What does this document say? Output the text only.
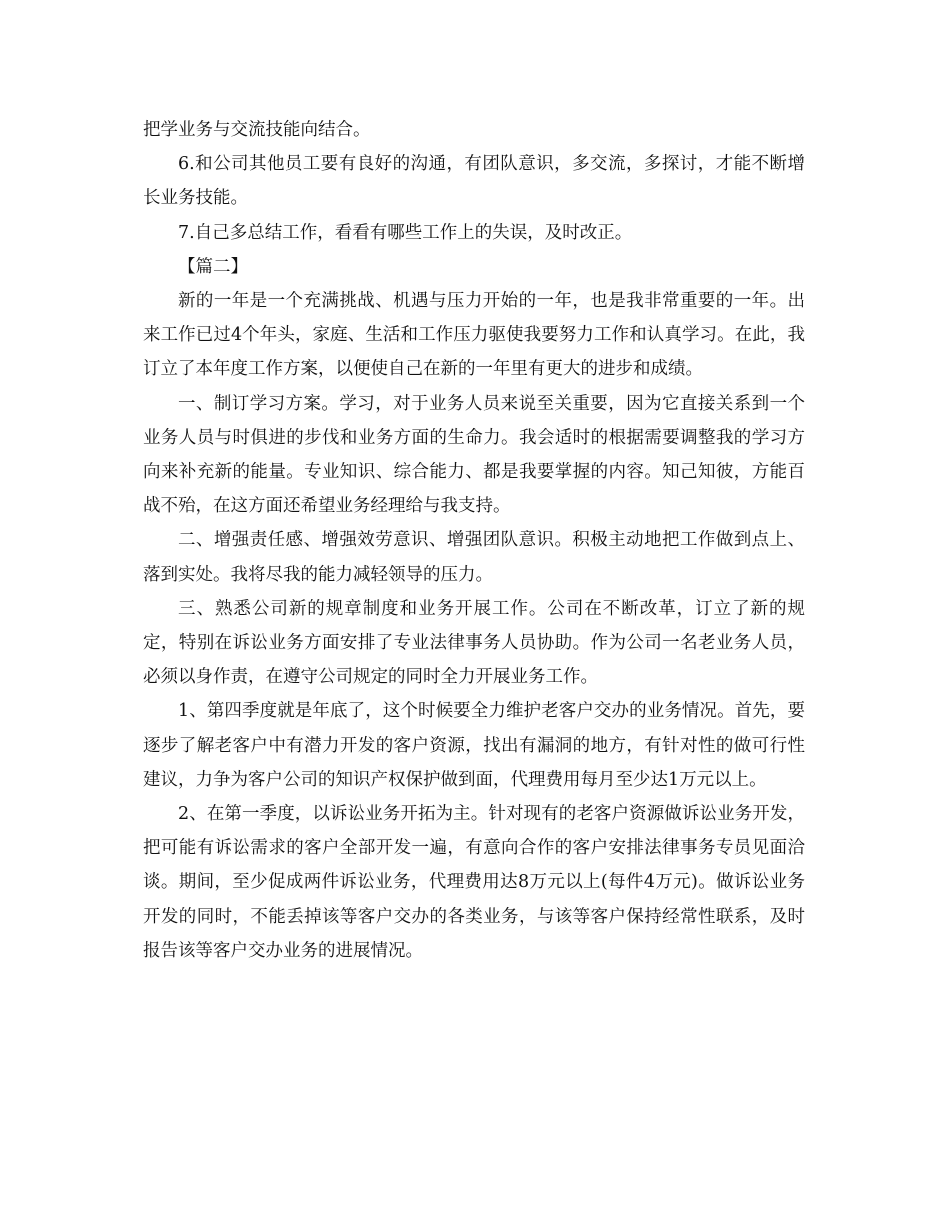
把学业务与交流技能向结合。

6.和公司其他员工要有良好的沟通，有团队意识，多交流，多探讨，才能不断增长业务技能。

7.自己多总结工作，看看有哪些工作上的失误，及时改正。

【篇二】

新的一年是一个充满挑战、机遇与压力开始的一年，也是我非常重要的一年。出来工作已过4个年头，家庭、生活和工作压力驱使我要努力工作和认真学习。在此，我订立了本年度工作方案，以便使自己在新的一年里有更大的进步和成绩。

一、制订学习方案。学习，对于业务人员来说至关重要，因为它直接关系到一个业务人员与时俱进的步伐和业务方面的生命力。我会适时的根据需要调整我的学习方向来补充新的能量。专业知识、综合能力、都是我要掌握的内容。知己知彼，方能百战不殆，在这方面还希望业务经理给与我支持。

二、增强责任感、增强效劳意识、增强团队意识。积极主动地把工作做到点上、落到实处。我将尽我的能力减轻领导的压力。

三、熟悉公司新的规章制度和业务开展工作。公司在不断改革，订立了新的规定，特别在诉讼业务方面安排了专业法律事务人员协助。作为公司一名老业务人员，必须以身作责，在遵守公司规定的同时全力开展业务工作。

1、第四季度就是年底了，这个时候要全力维护老客户交办的业务情况。首先，要逐步了解老客户中有潜力开发的客户资源，找出有漏洞的地方，有针对性的做可行性建议，力争为客户公司的知识产权保护做到面，代理费用每月至少达1万元以上。

2、在第一季度，以诉讼业务开拓为主。针对现有的老客户资源做诉讼业务开发，把可能有诉讼需求的客户全部开发一遍，有意向合作的客户安排法律事务专员见面洽谈。期间，至少促成两件诉讼业务，代理费用达8万元以上(每件4万元)。做诉讼业务开发的同时，不能丢掉该等客户交办的各类业务，与该等客户保持经常性联系，及时报告该等客户交办业务的进展情况。
